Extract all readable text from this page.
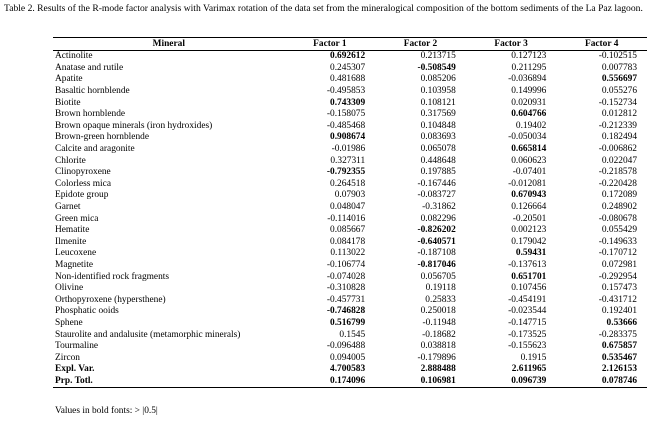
Table 2. Results of the R-mode factor analysis with Varimax rotation of the data set from the mineralogical composition of the bottom sediments of the La Paz lagoon.
Mineral	Factor 1	Factor 2	Factor 3	Factor 4
Actinolite	0.692612	0.213715	0.127123	-0.102515
Anatase and rutile	0.245307	-0.508549	0.211295	0.007783
Apatite	0.481688	0.085206	-0.036894	0.556697
Basaltic hornblende	-0.495853	0.103958	0.149996	0.055276
Biotite	0.743309	0.108121	0.020931	-0.152734
Brown hornblende	-0.158075	0.317569	0.604766	0.012812
Brown opaque minerals (iron hydroxides)	-0.485468	0.104848	0.19402	-0.212339
Brown-green hornblende	0.908674	0.083693	-0.050034	0.182494
Calcite and aragonite	-0.01986	0.065078	0.665814	-0.006862
Chlorite	0.327311	0.448648	0.060623	0.022047
Clinopyroxene	-0.792355	0.197885	-0.07401	-0.218578
Colorless mica	0.264518	-0.167446	-0.012081	-0.220428
Epidote group	0.07903	-0.083727	0.670943	0.172089
Garnet	0.048047	-0.31862	0.126664	0.248902
Green mica	-0.114016	0.082296	-0.20501	-0.080678
Hematite	0.085667	-0.826202	0.002123	0.055429
Ilmenite	0.084178	-0.640571	0.179042	-0.149633
Leucoxene	0.113022	-0.187108	0.59431	-0.170712
Magnetite	-0.106774	-0.817046	-0.137613	0.072981
Non-identified rock fragments	-0.074028	0.056705	0.651701	-0.292954
Olivine	-0.310828	0.19118	0.107456	0.157473
Orthopyroxene (hypersthene)	-0.457731	0.25833	-0.454191	-0.431712
Phosphatic ooids	-0.746828	0.250018	-0.023544	0.192401
Sphene	0.516799	-0.11948	-0.147715	0.53666
Staurolite and andalusite (metamorphic minerals)	0.1545	-0.18682	-0.173525	-0.283375
Tourmaline	-0.096488	0.038818	-0.155623	0.675857
Zircon	0.094005	-0.179896	0.1915	0.535467
Expl. Var.	4.700583	2.888488	2.611965	2.126153
Prp. Totl.	0.174096	0.106981	0.096739	0.078746
Values in bold fonts: > |0.5|
